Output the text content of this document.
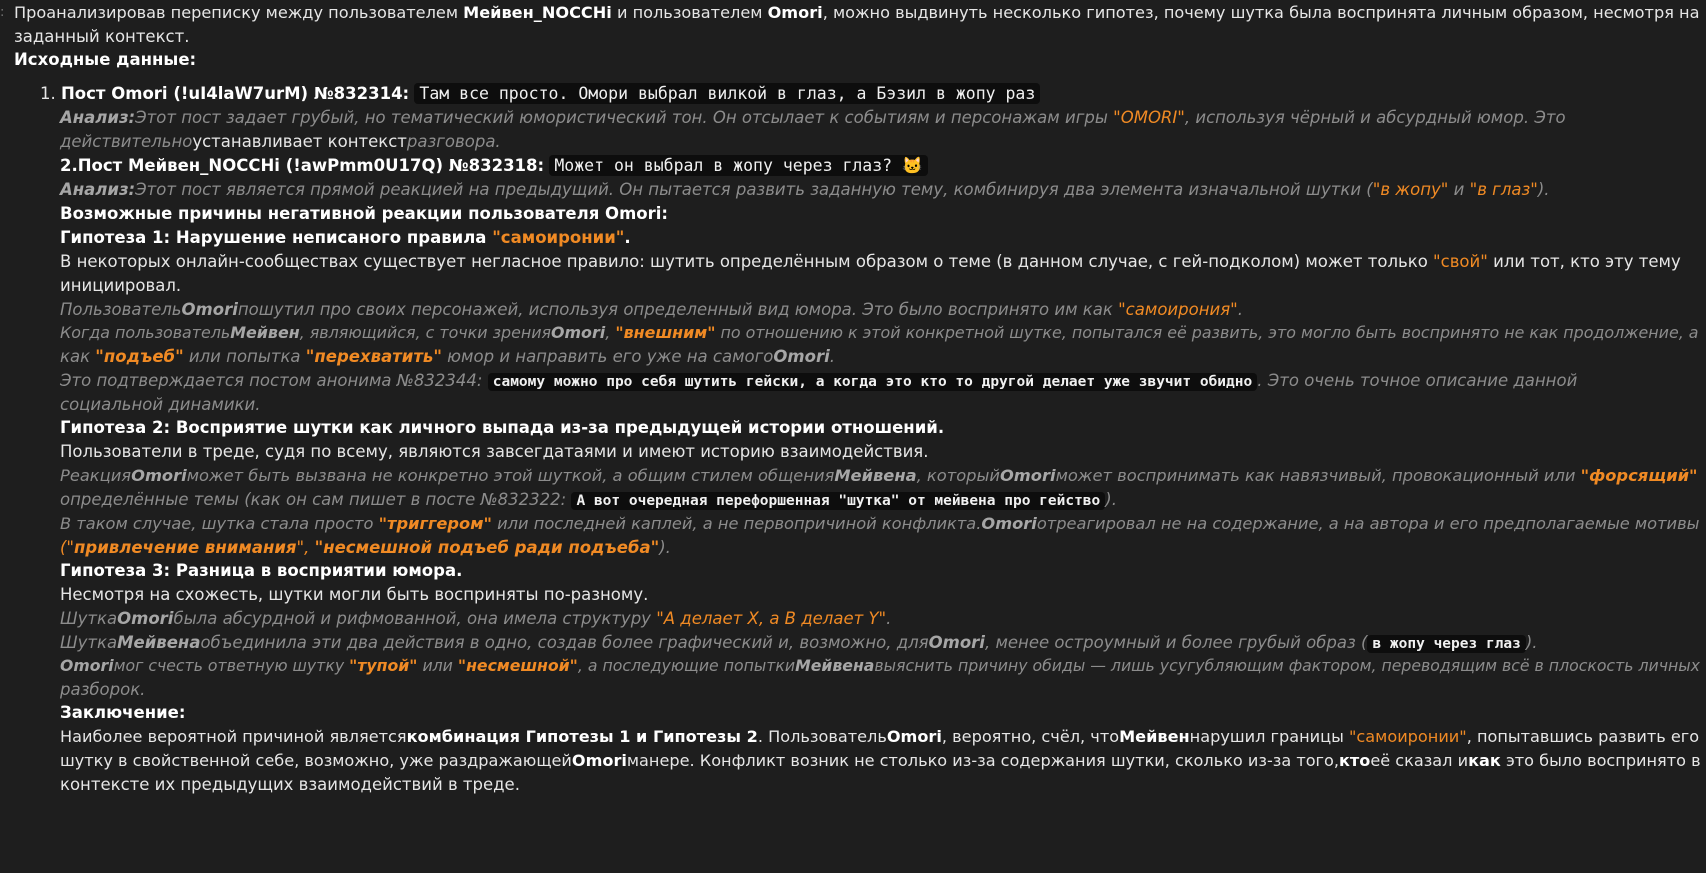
: Проанализировав переписку между пользователем Мейвен_NOCCHi и пользователем Omori, можно выдвинуть несколько гипотез, почему шутка была воспринята личным образом, несмотря на
заданный контекст.
Исходные данные:
1. Пост Omori (!uI4laW7urM) №832314: Там все просто. Омори выбрал вилкой в глаз, а Бэзил в жопу раз
Анализ:Этот пост задает грубый, но тематический юмористический тон. Он отсылает к событиям и персонажам игры "OMORI", используя чёрный и абсурдный юмор. Это
действительноустанавливает контекстразговора.
2.Пост Мейвен_NOCCHi (!awPmm0U17Q) №832318: Может он выбрал в жопу через глаз? 🐱
Анализ:Этот пост является прямой реакцией на предыдущий. Он пытается развить заданную тему, комбинируя два элемента изначальной шутки ("в жопу" и "в глаз").
Возможные причины негативной реакции пользователя Omori:
Гипотеза 1: Нарушение неписаного правила "самоиронии".
В некоторых онлайн-сообществах существует негласное правило: шутить определённым образом о теме (в данном случае, с гей-подколом) может только "свой" или тот, кто эту тему
инициировал.
ПользовательOmoriпошутил про своих персонажей, используя определенный вид юмора. Это было воспринято им как "самоирония".
Когда пользовательМейвен, являющийся, с точки зренияOmori, "внешним" по отношению к этой конкретной шутке, попытался её развить, это могло быть воспринято не как продолжение, а
как "подъеб" или попытка "перехватить" юмор и направить его уже на самогоOmori.
Это подтверждается постом анонима №832344: самому можно про себя шутить гейски, а когда это кто то другой делает уже звучит обидно . Это очень точное описание данной
социальной динамики.
Гипотеза 2: Восприятие шутки как личного выпада из-за предыдущей истории отношений.
Пользователи в треде, судя по всему, являются завсегдатаями и имеют историю взаимодействия.
РеакцияOmoriможет быть вызвана не конкретно этой шуткой, а общим стилем общенияМейвена, которыйOmoriможет воспринимать как навязчивый, провокационный или "форсящий"
определённые темы (как он сам пишет в посте №832322: А вот очередная перефоршенная "шутка" от мейвена про гейство ).
В таком случае, шутка стала просто "триггером" или последней каплей, а не первопричиной конфликта.Omoriотреагировал не на содержание, а на автора и его предполагаемые мотивы
("привлечение внимания", "несмешной подъеб ради подъеба").
Гипотеза 3: Разница в восприятии юмора.
Несмотря на схожесть, шутки могли быть восприняты по-разному.
ШуткаOmoriбыла абсурдной и рифмованной, она имела структуру "А делает X, а B делает Y".
ШуткаМейвенаобъединила эти два действия в одно, создав более графический и, возможно, дляOmori, менее остроумный и более грубый образ ( в жопу через глаз ).
Omoriмог счесть ответную шутку "тупой" или "несмешной", а последующие попыткиМейвенавыяснить причину обиды — лишь усугубляющим фактором, переводящим всё в плоскость личных
разборок.
Заключение:
Наиболее вероятной причиной являетсякомбинация Гипотезы 1 и Гипотезы 2. ПользовательOmori, вероятно, счёл, чтоМейвеннарушил границы "самоиронии", попытавшись развить его
шутку в свойственной себе, возможно, уже раздражающейOmoriманере. Конфликт возник не столько из-за содержания шутки, сколько из-за того,ктоеё сказал икак это было воспринято в
контексте их предыдущих взаимодействий в треде.
